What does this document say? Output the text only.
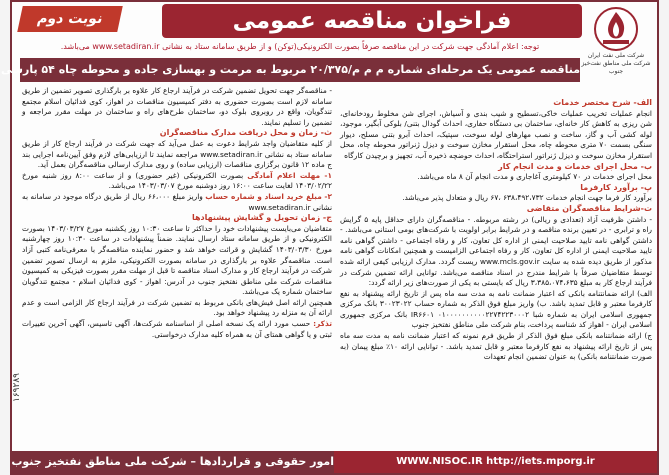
۱۶۹۲۸۹
نوبت دوم	فراخوان مناقصه عمومی
شرکت ملی نفت ایران
شرکت ملی مناطق نفت‌خیز جنوب
توجه: اعلام آمادگی جهت شرکت در این مناقصه صرفاً بصورت الکترونیکی(توکن) و از طریق سامانه ستاد به نشانی www.setadiran.ir می‌باشد.
مناقصه عمومی یک مرحله‌ای شماره م م م/۲۰/۳۷۵ مربوط به مرمت و بهسازی جاده و محوطه چاه ۵۴ پارسی
الف- شرح مختصر خدمات
انجام عملیات تخریب عملیات خاکی،تسطیح و شیب بندی و آسیاش، اجرای شن مخلوط رودخانه‌ای، شن ریزی به کاهش کار خانه‌ای، ساختمان بی دستگاه حفاری، احداث گودال بتنی/ بلوکی آبگیر، موجود، لوله کشی آب و گاز، ساخت و نصب مهارهای لوله سوخت، سپتیک، احداث آبرو بتنی مسلح، دیوار سنگی بسمت ۷۰ متری محوطه چاه، محل استقرار مخازن سوخت و دیزل ژنراتور محوطه چاه، محل استقرار مخازن سوخت و دیزل ژنراتور استراحتگاه، احداث حوضچه ذخیره آب، تجهیز و برچیدن کارگاه
ب- محل اجرای خدمات و مدت انجام کار
محل اجرای خدمات در ۷۰ کیلومتری آغاجاری و مدت انجام آن ۸ ماه می‌باشد.
پ- برآورد کارفرما
برآورد کار فرما جهت انجام خدمات ۶۳۸،۴۹۲،۷۳۲ ،۶۷ ریال و متعادل پذیر می‌باشد.
ت-شرایط مناقصه‌گران متقاضی
- داشتن ظرفیت آزاد (تعدادی و ریالی) در رشته مربوطه. - مناقصه‌گران دارای حداقل پایه ۵ گرایش راه و ترابری - در تعیین برنده مناقصه و در شرایط برابر اولویت با شرکت‌های بومی استانی می‌باشد. - داشتن گواهی نامه تایید صلاحیت ایمنی از اداره کل تعاون، کار و رفاه اجتماعی - داشتن گواهی نامه تایید صلاحیت ایمنی از اداره کل تعاون، کار و رفاه اجتماعی الزامیست و همچنین امکانات گواهی نامه مذکور از طریق دیده شده به سایت www.mcls.gov.ir ریست گردد. مدارک ارزیابی کیفی ارائه شده توسط متقاضیان صرفاً با شرایط مندرج در اسناد مناقصه می‌باشد. توانایی ارائه تضمین شرکت در فرآیند ارجاع کار به مبلغ ۳،۳۸۵،۰۷۴،۶۳۵ ریال که بایستی به یکی از صورت‌های زیر ارائه گردد:
الف) ارائه ضمانتنامه بانکی که اعتبار ضمانت نامه به مدت سه ماه پس از تاریخ ارائه پیشنهاد به نفع کارفرما معتبر و قابل تمدید باشد. ب) واریز مبلغ فوق الذکر به شماره حساب ۳۰۰۲۳۰۲۲ بانک مرکزی جمهوری اسلامی ایران به شماره شبا ۰۱۰۰۰۰۰۰۰۰۰۰۲۲۷۴۲۲۳۰۰۰۲ IR۶۶۰۱ بانک مرکزی جمهوری اسلامی ایران - اهواز کد شناسه پرداخت، بنام شرکت ملی مناطق نفتخیز جنوب
ج) ارائه ضمانتنامه بانکی مبلغ فوق الذکر از طریق فرم نمونه که اعتبار ضمانت نامه به مدت سه ماه پس از تاریخ ارائه پیشنهاد به نفع کارفرما معتبر و قابل تمدید باشد. - توانایی ارائه ۱۰٪ مبلغ پیمان (به صورت ضمانتنامه بانکی) به عنوان تضمین انجام تعهدات
- مناقصه‌گر جهت تحویل تضمین شرکت در فرآیند ارجاع کار علاوه بر بارگذاری تصویر تضمین از طریق سامانه لازم است بصورت حضوری به دفتر کمیسیون مناقصات در اهواز، کوی فدائیان اسلام مجتمع تندگویان، واقع در روبروی بلوک دو، ساختمان طرح‌های راه و ساختمان در مهلت مقرر مراجعه و تضمین را تسلیم نمایند.
ث- زمان و محل دریافت مدارک مناقصه‌گران
از کلیه متقاضیان واجد شرایط دعوت به عمل می‌آید که جهت شرکت در فرآیند ارجاع کار از طریق سامانه ستاد به نشانی www.setadiran.ir مراجعه نمایند تا ارزیابی‌های لازم وفق آیین‌نامه اجرایی بند ج ماده ۱۲ قانون برگزاری مناقصات (ارزیابی ساده) و روی مدارک ارسالی مناقصه‌گران بعمل آید.
۱- مهلت اعلام آمادگی بصورت الکترونیکی (غیر حضوری) و از ساعت ۸:۰۰ روز شنبه مورخ ۱۴۰۳/۰۲/۲۲ لغایت ساعت ۱۶:۰۰ روز دوشنبه مورخ ۱۴۰۳/۰۳/۰۷ می‌باشد.
۲- مبلغ خرید اسناد و شماره حساب واریز مبلغ ۶۶،۰۰۰ ریال از طریق درگاه موجود در سامانه به نشانی www.setadiran.ir
ج- زمان تحویل و گشایش پیشنهادها
متقاضیان می‌بایست پیشنهادات خود را حداکثر تا ساعت ۱۰:۳۰ روز یکشنبه مورخ ۱۴۰۳/۰۳/۲۷ بصورت الکترونیکی و از طریق سامانه ستاد ارسال نمایند. ضمناً پیشنهادات در ساعت ۱۰:۳۰ روز چهارشنبه مورخ ۱۴۰۳/۰۳/۳۰ گشایش و قرائت خواهد شد و حضور نماینده مناقصه‌گر با معرفی‌نامه کتبی آزاد است. مناقصه‌گر علاوه بر بارگذاری در سامانه بصورت الکترونیکی، ملزم به ارسال تصویر تضمین شرکت در فرآیند ارجاع کار و مدارک اسناد مناقصه تا قبل از مهلت مقرر بصورت فیزیکی به کمیسیون مناقصات شرکت ملی مناطق نفتخیز جنوب در آدرس: اهواز - کوی فدائیان اسلام - مجتمع تندگویان ساختمان شماره یک می‌باشد.
همچنین ارائه اصل فیش‌های بانکی مربوط به تضمین شرکت در فرآیند ارجاع کار الزامی است و عدم ارائه آن به منزله رد پیشنهاد خواهد بود.
تذکر: حسب مورد ارائه یک نسخه اصلی از اساسنامه شرکت‌ها، آگهی تاسیس، آگهی آخرین تغییرات ثبتی و یا گواهی همتای آن به همراه کلیه مدارک درخواستی.
امور حقوقی و قراردادها – شرکت ملی مناطق نفتخیز جنوب	WWW.NISOC.IR http://iets.mporg.ir
